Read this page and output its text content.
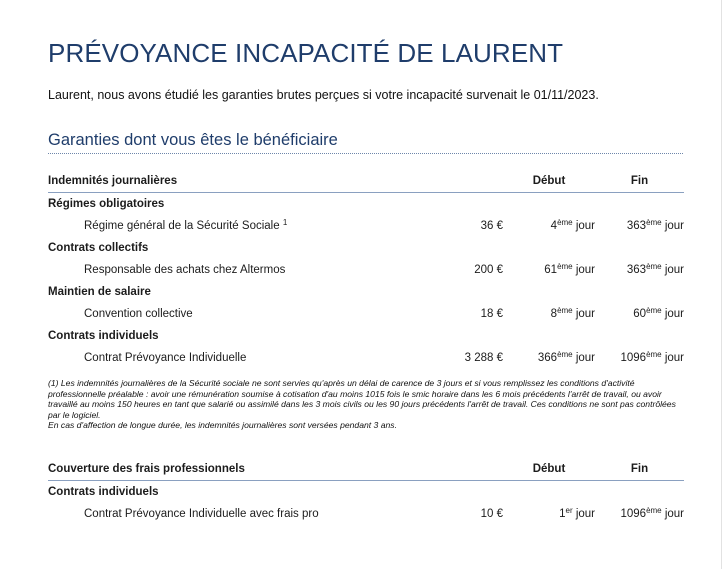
PRÉVOYANCE INCAPACITÉ DE LAURENT
Laurent, nous avons étudié les garanties brutes perçues si votre incapacité survenait le 01/11/2023.
Garanties dont vous êtes le bénéficiaire
Indemnités journalières		Début	Fin
Régimes obligatoires			
Régime général de la Sécurité Sociale $^1$	36 €	4ème jour	363ème jour
Contrats collectifs			
Responsable des achats chez Altermos	200 €	61ème jour	363ème jour
Maintien de salaire			
Convention collective	18 €	8ème jour	60ème jour
Contrats individuels			
Contrat Prévoyance Individuelle	3 288 €	366ème jour	1096ème jour

(1) Les indemnités journalières de la Sécurité sociale ne sont servies qu'après un délai de carence de 3 jours et si vous remplissez les conditions d'activité professionnelle préalable : avoir une rémunération soumise à cotisation d'au moins 1015 fois le smic horaire dans les 6 mois précédents l'arrêt de travail, ou avoir travaillé au moins 150 heures en tant que salarié ou assimilé dans les 3 mois civils ou les 90 jours précédents l'arrêt de travail. Ces conditions ne sont pas contrôlées par le logiciel.

En cas d'affection de longue durée, les indemnités journalières sont versées pendant 3 ans.

Couverture des frais professionnels		Début	Fin
Contrats individuels			
Contrat Prévoyance Individuelle avec frais pro	10 €	1er jour	1096ème jour
